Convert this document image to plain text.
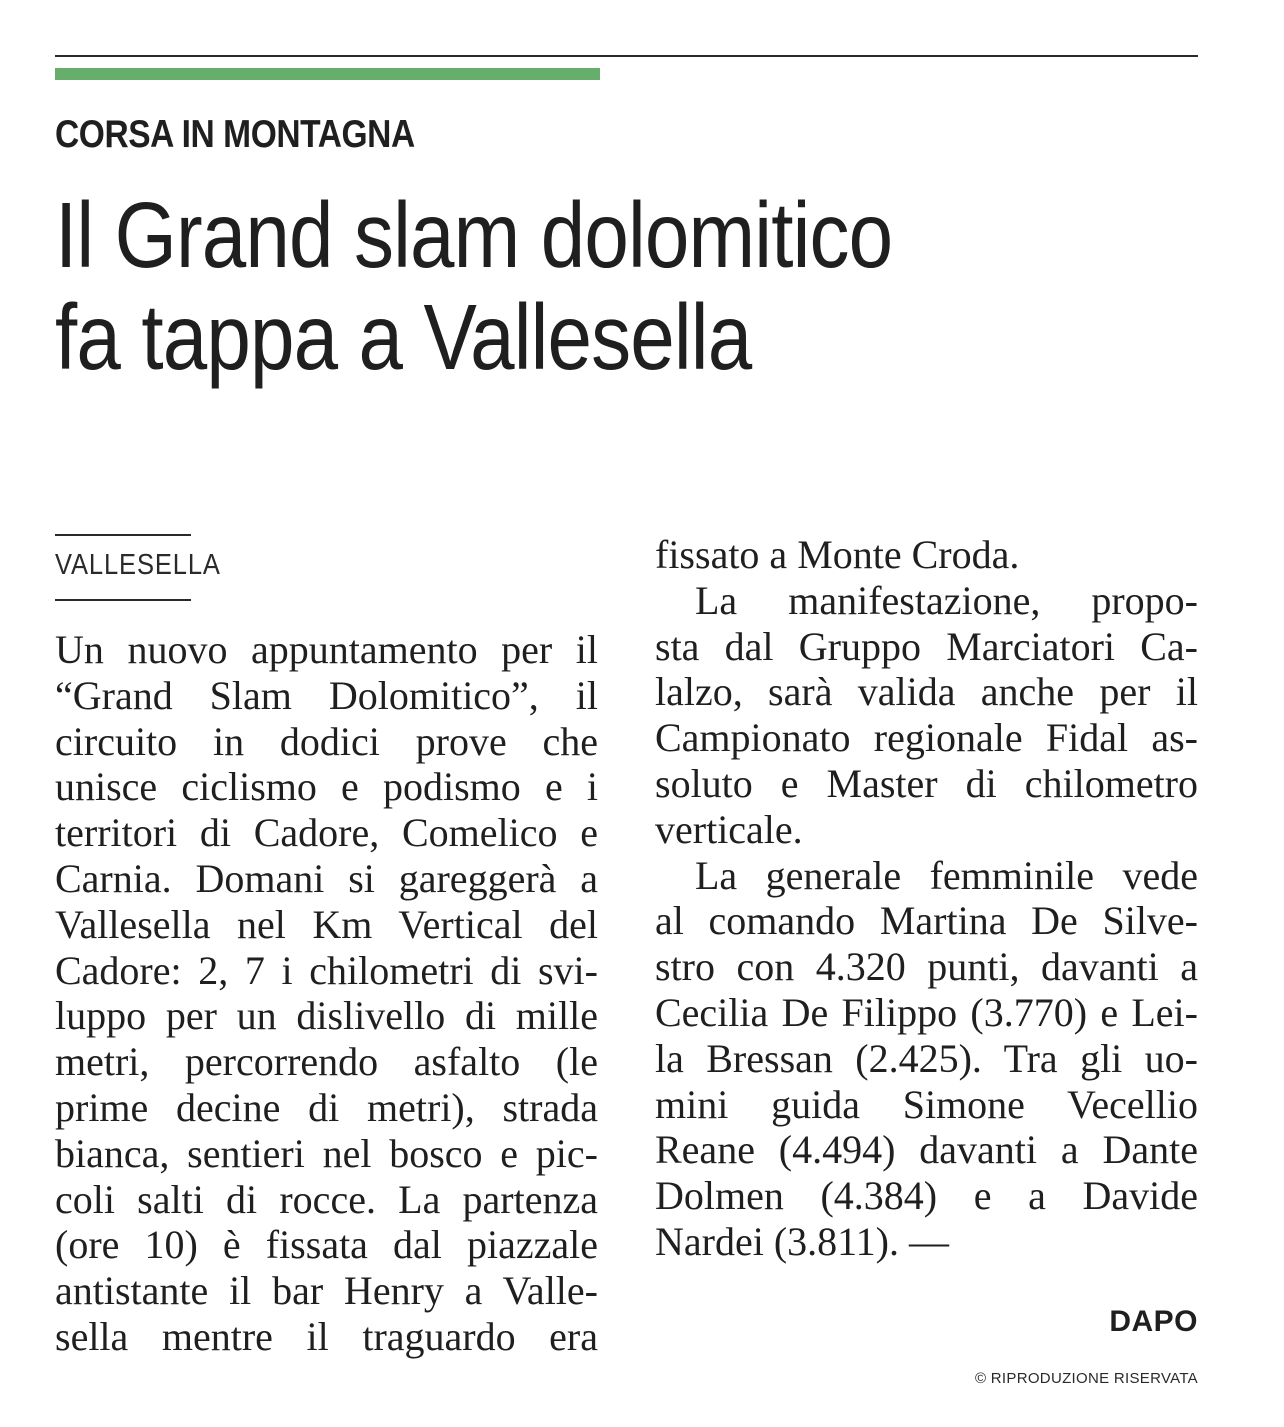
CORSA IN MONTAGNA
Il Grand slam dolomitico
fa tappa a Vallesella
VALLESELLA
Un nuovo appuntamento per il
“Grand Slam Dolomitico”, il
circuito in dodici prove che
unisce ciclismo e podismo e i
territori di Cadore, Comelico e
Carnia. Domani si gareggerà a
Vallesella nel Km Vertical del
Cadore: 2, 7 i chilometri di svi-
luppo per un dislivello di mille
metri, percorrendo asfalto (le
prime decine di metri), strada
bianca, sentieri nel bosco e pic-
coli salti di rocce. La partenza
(ore 10) è fissata dal piazzale
antistante il bar Henry a Valle-
sella mentre il traguardo era
fissato a Monte Croda.
La manifestazione, propo-
sta dal Gruppo Marciatori Ca-
lalzo, sarà valida anche per il
Campionato regionale Fidal as-
soluto e Master di chilometro
verticale.
La generale femminile vede
al comando Martina De Silve-
stro con 4.320 punti, davanti a
Cecilia De Filippo (3.770) e Lei-
la Bressan (2.425). Tra gli uo-
mini guida Simone Vecellio
Reane (4.494) davanti a Dante
Dolmen (4.384) e a Davide
Nardei (3.811). —
DAPO
© RIPRODUZIONE RISERVATA
